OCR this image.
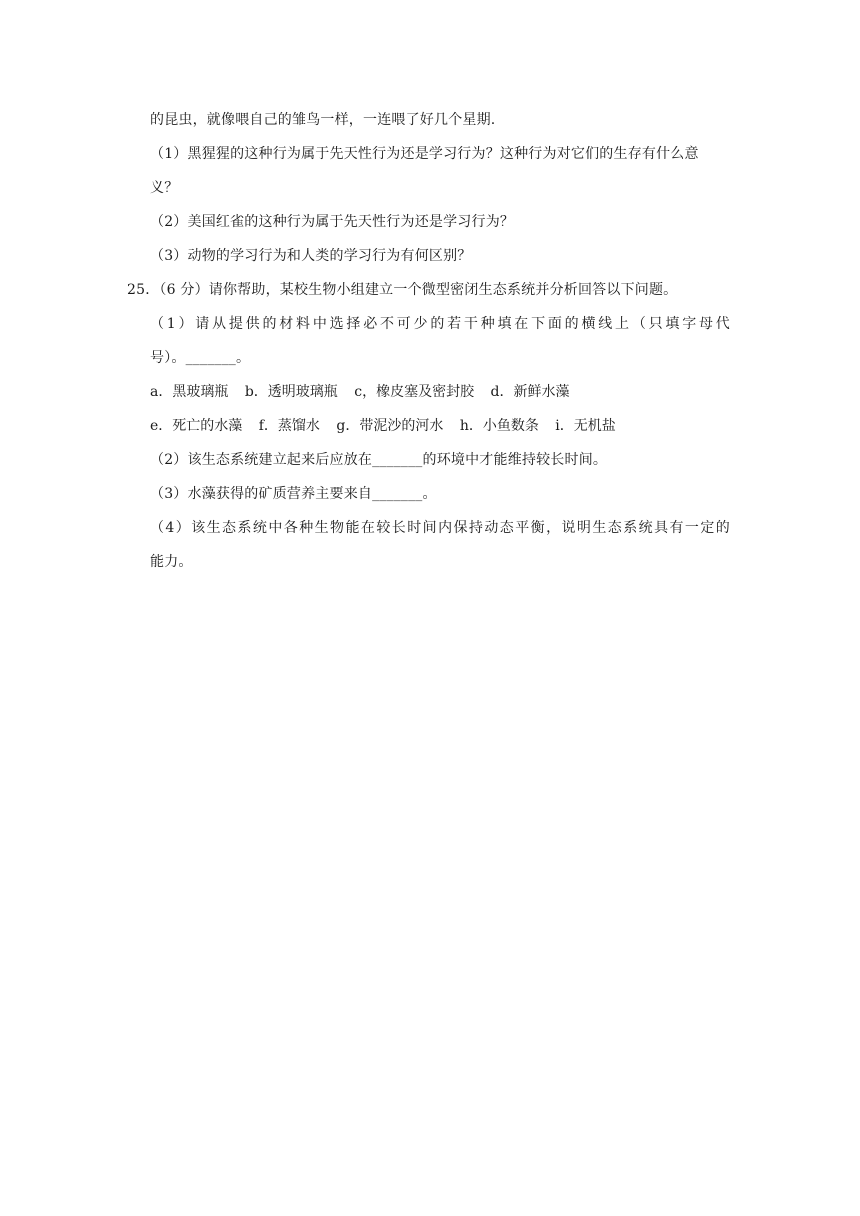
的昆虫，就像喂自己的雏鸟一样，一连喂了好几个星期.
（1）黑猩猩的这种行为属于先天性行为还是学习行为？这种行为对它们的生存有什么意
义？
（2）美国红雀的这种行为属于先天性行为还是学习行为？
（3）动物的学习行为和人类的学习行为有何区别？
25．（6 分）请你帮助，某校生物小组建立一个微型密闭生态系统并分析回答以下问题。
（1）请从提供的材料中选择必不可少的若干种填在下面的横线上（只填字母代
号）。_______。
a．黑玻璃瓶 b．透明玻璃瓶 c，橡皮塞及密封胶 d．新鲜水藻
e．死亡的水藻 f．蒸馏水 g．带泥沙的河水 h．小鱼数条 i．无机盐
（2）该生态系统建立起来后应放在_______的环境中才能维持较长时间。
（3）水藻获得的矿质营养主要来自_______。
（4）该生态系统中各种生物能在较长时间内保持动态平衡，说明生态系统具有一定的
能力。
